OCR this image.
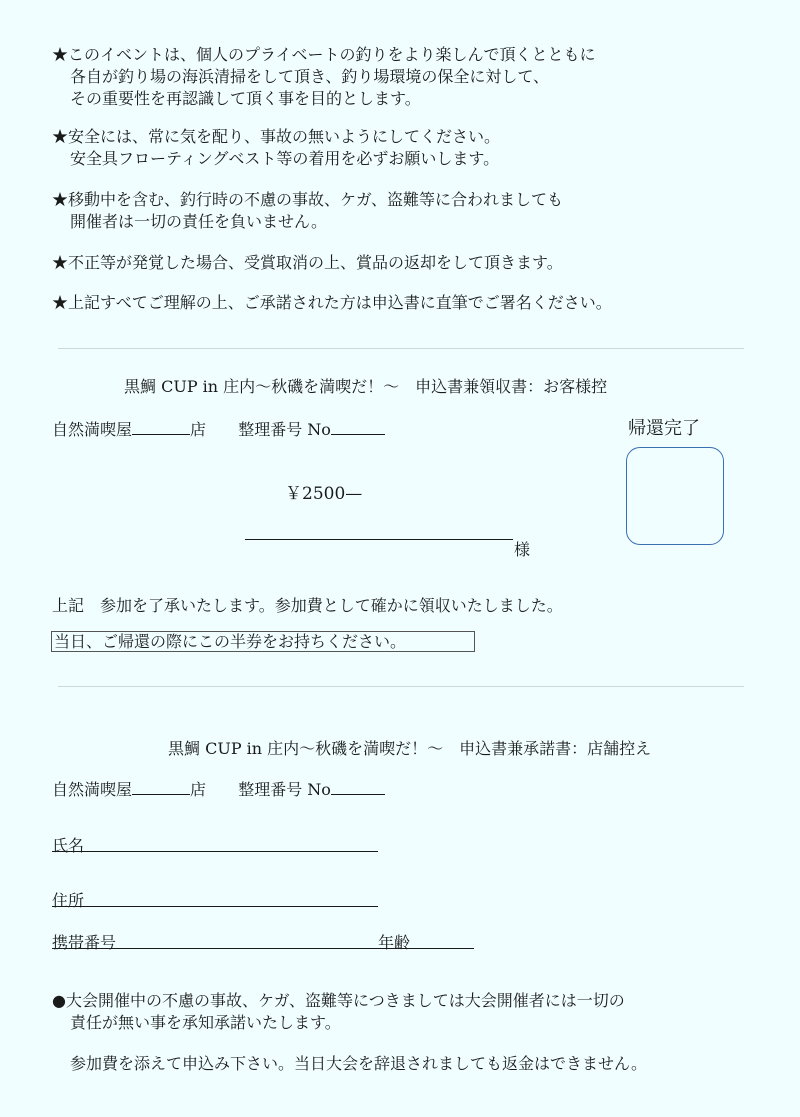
★このイベントは、個人のプライベートの釣りをより楽しんで頂くとともに
各自が釣り場の海浜清掃をして頂き、釣り場環境の保全に対して、
その重要性を再認識して頂く事を目的とします。
★安全には、常に気を配り、事故の無いようにしてください。
安全具フローティングベスト等の着用を必ずお願いします。
★移動中を含む、釣行時の不慮の事故、ケガ、盗難等に合われましても
開催者は一切の責任を負いません。
★不正等が発覚した場合、受賞取消の上、賞品の返却をして頂きます。
★上記すべてご理解の上、ご承諾された方は申込書に直筆でご署名ください。
黒鯛 CUP in 庄内〜秋磯を満喫だ！〜　申込書兼領収書：お客様控
自然満喫屋	店 整理番号 No	帰還完了
￥2500—
様
上記　参加を了承いたします。参加費として確かに領収いたしました。
当日、ご帰還の際にこの半券をお持ちください。
黒鯛 CUP in 庄内〜秋磯を満喫だ！〜　申込書兼承諾書：店舗控え
自然満喫屋	店 整理番号 No
氏名
住所
携帯番号	年齢
●大会開催中の不慮の事故、ケガ、盗難等につきましては大会開催者には一切の
責任が無い事を承知承諾いたします。
参加費を添えて申込み下さい。当日大会を辞退されましても返金はできません。
